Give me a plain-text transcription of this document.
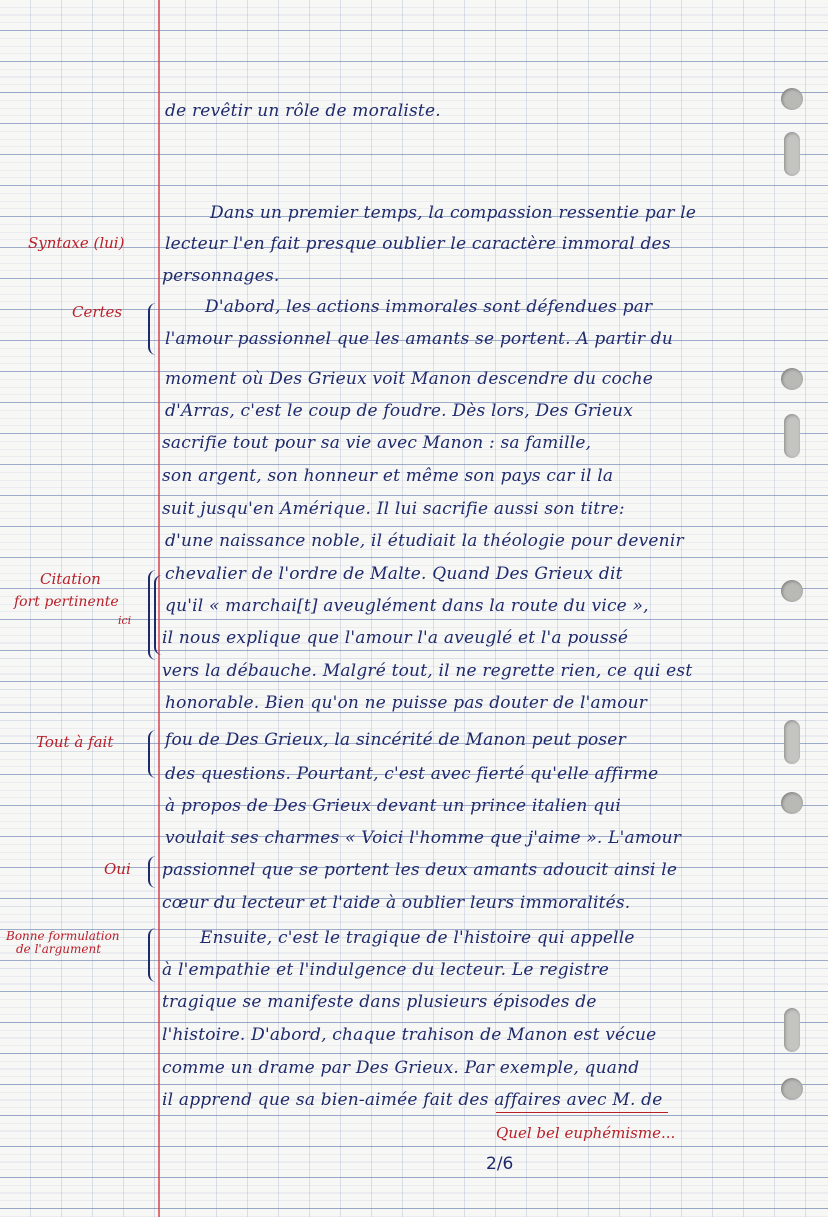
de revêtir un rôle de moraliste.
Dans un premier temps, la compassion ressentie par le
lecteur l'en fait presque oublier le caractère immoral des
personnages.
D'abord, les actions immorales sont défendues par
l'amour passionnel que les amants se portent. A partir du
moment où Des Grieux voit Manon descendre du coche
d'Arras, c'est le coup de foudre. Dès lors, Des Grieux
sacrifie tout pour sa vie avec Manon : sa famille,
son argent, son honneur et même son pays car il la
suit jusqu'en Amérique. Il lui sacrifie aussi son titre:
d'une naissance noble, il étudiait la théologie pour devenir
chevalier de l'ordre de Malte. Quand Des Grieux dit
qu'il « marchai[t] aveuglément dans la route du vice »,
il nous explique que l'amour l'a aveuglé et l'a poussé
vers la débauche. Malgré tout, il ne regrette rien, ce qui est
honorable. Bien qu'on ne puisse pas douter de l'amour
fou de Des Grieux, la sincérité de Manon peut poser
des questions. Pourtant, c'est avec fierté qu'elle affirme
à propos de Des Grieux devant un prince italien qui
voulait ses charmes « Voici l'homme que j'aime ». L'amour
passionnel que se portent les deux amants adoucit ainsi le
cœur du lecteur et l'aide à oublier leurs immoralités.
Ensuite, c'est le tragique de l'histoire qui appelle
à l'empathie et l'indulgence du lecteur. Le registre
tragique se manifeste dans plusieurs épisodes de
l'histoire. D'abord, chaque trahison de Manon est vécue
comme un drame par Des Grieux. Par exemple, quand
il apprend que sa bien-aimée fait des affaires avec M. de
Syntaxe (lui)
Certes
Citation
fort pertinente
ici
Tout à fait
Oui
Bonne formulation
de l'argument
Quel bel euphémisme...
2/6
